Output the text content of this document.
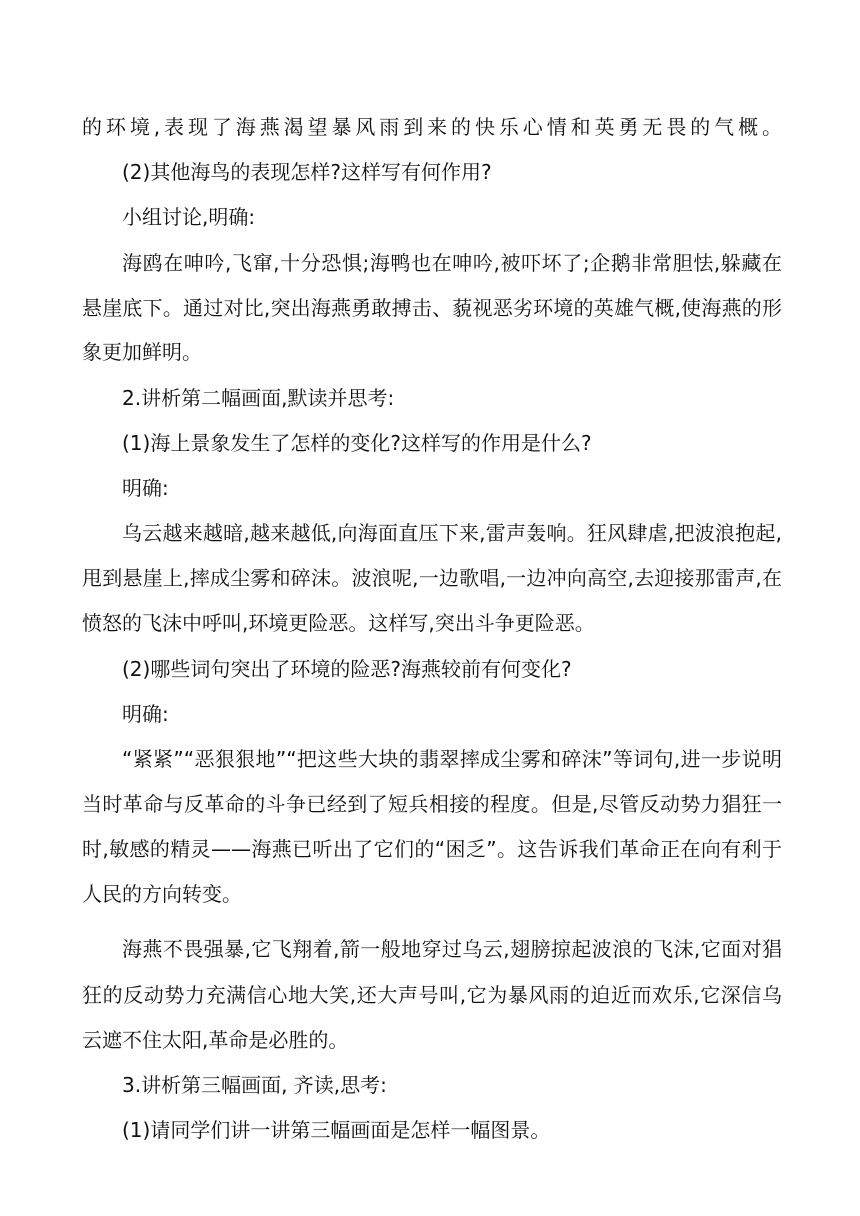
的环境,表现了海燕渴望暴风雨到来的快乐心情和英勇无畏的气概。
(2)其他海鸟的表现怎样?这样写有何作用?
小组讨论,明确:
海鸥在呻吟,飞窜,十分恐惧;海鸭也在呻吟,被吓坏了;企鹅非常胆怯,躲藏在
悬崖底下。通过对比,突出海燕勇敢搏击、藐视恶劣环境的英雄气概,使海燕的形
象更加鲜明。
2.讲析第二幅画面,默读并思考:
(1)海上景象发生了怎样的变化?这样写的作用是什么?
明确:
乌云越来越暗,越来越低,向海面直压下来,雷声轰响。狂风肆虐,把波浪抱起,
甩到悬崖上,摔成尘雾和碎沫。波浪呢,一边歌唱,一边冲向高空,去迎接那雷声,在
愤怒的飞沫中呼叫,环境更险恶。这样写,突出斗争更险恶。
(2)哪些词句突出了环境的险恶?海燕较前有何变化?
明确:
“紧紧”“恶狠狠地”“把这些大块的翡翠摔成尘雾和碎沫”等词句,进一步说明
当时革命与反革命的斗争已经到了短兵相接的程度。但是,尽管反动势力猖狂一
时,敏感的精灵——海燕已听出了它们的“困乏”。这告诉我们革命正在向有利于
人民的方向转变。
海燕不畏强暴,它飞翔着,箭一般地穿过乌云,翅膀掠起波浪的飞沫,它面对猖
狂的反动势力充满信心地大笑,还大声号叫,它为暴风雨的迫近而欢乐,它深信乌
云遮不住太阳,革命是必胜的。
3.讲析第三幅画面, 齐读,思考:
(1)请同学们讲一讲第三幅画面是怎样一幅图景。
